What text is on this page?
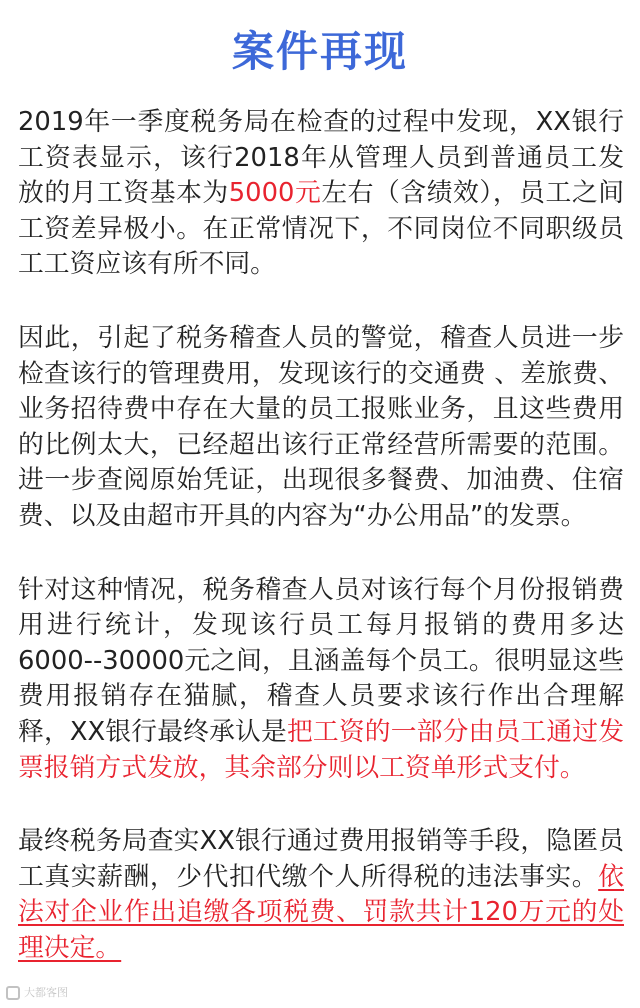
案件再现

2019年一季度税务局在检查的过程中发现，XX银行工资表显示，该行2018年从管理人员到普通员工发放的月工资基本为5000元左右（含绩效），员工之间工资差异极小。在正常情况下，不同岗位不同职级员工工资应该有所不同。

因此，引起了税务稽查人员的警觉，稽查人员进一步检查该行的管理费用，发现该行的交通费 、差旅费、业务招待费中存在大量的员工报账业务，且这些费用的比例太大，已经超出该行正常经营所需要的范围。进一步查阅原始凭证，出现很多餐费、加油费、住宿费、以及由超市开具的内容为“办公用品”的发票。

针对这种情况，税务稽查人员对该行每个月份报销费用进行统计，发现该行员工每月报销的费用多达6000--30000元之间，且涵盖每个员工。很明显这些费用报销存在猫腻，稽查人员要求该行作出合理解释，XX银行最终承认是把工资的一部分由员工通过发票报销方式发放，其余部分则以工资单形式支付。

最终税务局查实XX银行通过费用报销等手段，隐匿员工真实薪酬，少代扣代缴个人所得税的违法事实。依法对企业作出追缴各项税费、罚款共计120万元的处理决定。

大都客图
